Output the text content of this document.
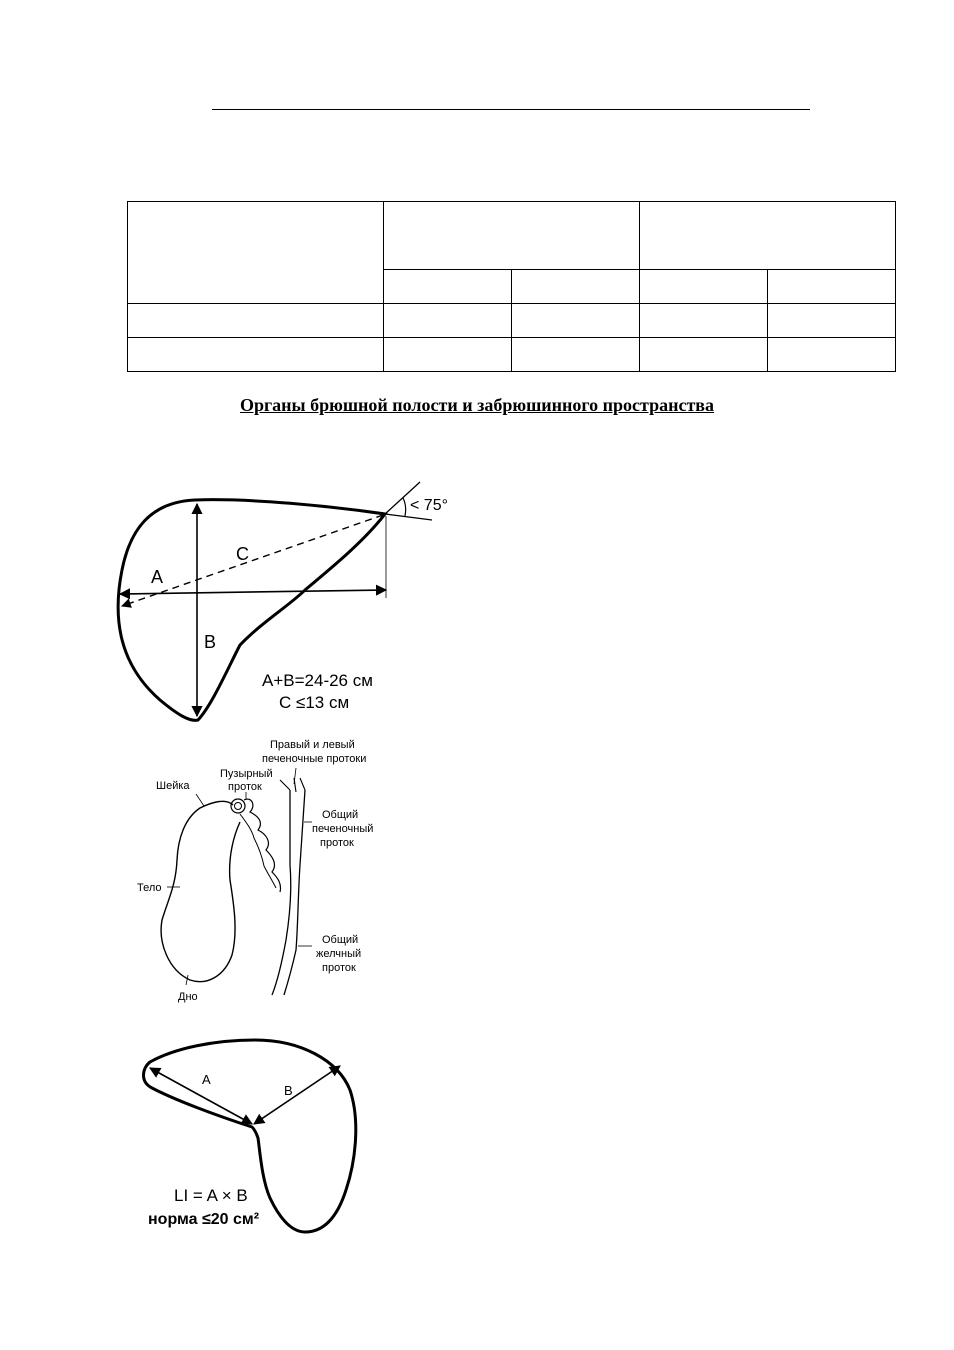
Органы брюшной полости и забрюшинного пространства
A
C
B
< 75°
A+B=24-26 см
C ≤13 см
Шейка
Тело
Дно
Пузырный
проток
Правый и левый
печеночные протоки
Общий
печеночный
проток
Общий
желчный
проток
A
B
LI = A × B
норма ≤20 см²
